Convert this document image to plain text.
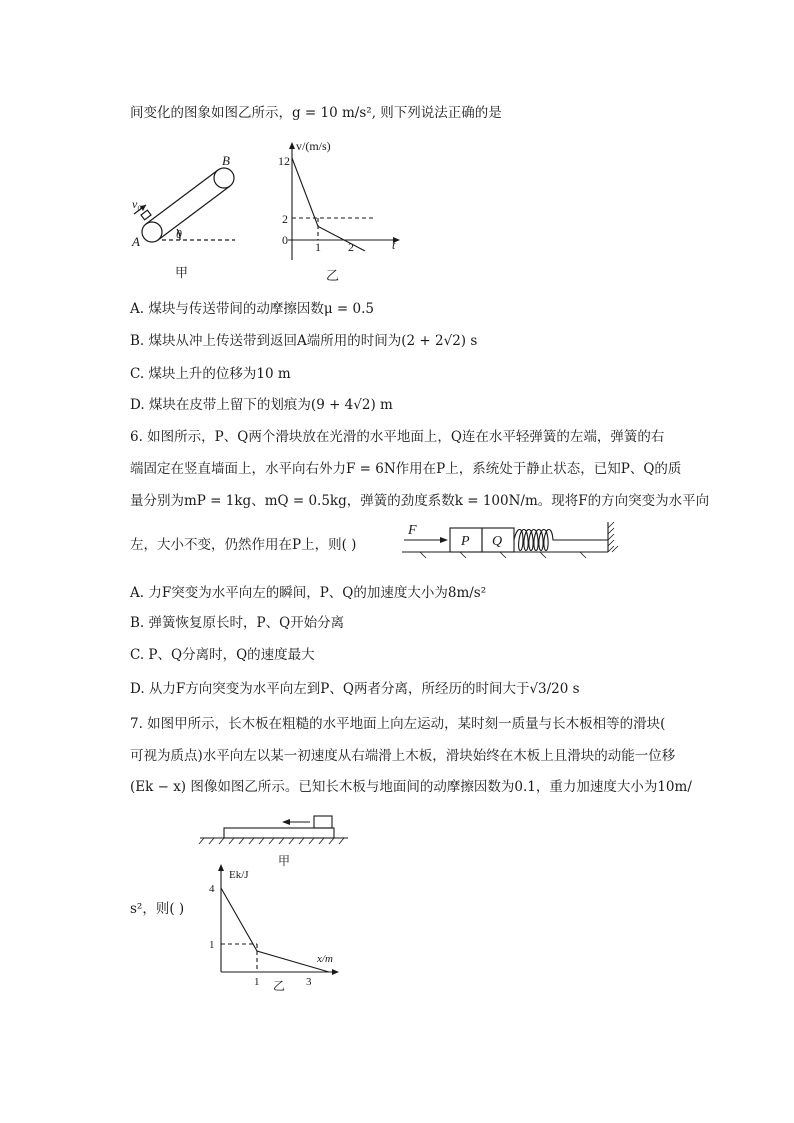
间变化的图象如图乙所示，g = 10 m/s², 则下列说法正确的是
B
A
v₀
θ
甲
v/(m/s)
t
12
2
0 1 2
乙
A. 煤块与传送带间的动摩擦因数μ = 0.5
B. 煤块从冲上传送带到返回A端所用的时间为(2 + 2√2) s
C. 煤块上升的位移为10 m
D. 煤块在皮带上留下的划痕为(9 + 4√2) m
6. 如图所示，P、Q两个滑块放在光滑的水平地面上，Q连在水平轻弹簧的左端，弹簧的右
端固定在竖直墙面上，水平向右外力F = 6N作用在P上，系统处于静止状态，已知P、Q的质
量分别为mP = 1kg、mQ = 0.5kg，弹簧的劲度系数k = 100N/m。现将F的方向突变为水平向
左，大小不变，仍然作用在P上，则( )
F
P Q
A. 力F突变为水平向左的瞬间，P、Q的加速度大小为8m/s²
B. 弹簧恢复原长时，P、Q开始分离
C. P、Q分离时，Q的速度最大
D. 从力F方向突变为水平向左到P、Q两者分离，所经历的时间大于√3/20 s
7. 如图甲所示，长木板在粗糙的水平地面上向左运动，某时刻一质量与长木板相等的滑块(
可视为质点)水平向左以某一初速度从右端滑上木板，滑块始终在木板上且滑块的动能一位移
(Ek − x) 图像如图乙所示。已知长木板与地面间的动摩擦因数为0.1，重力加速度大小为10m/
s²，则( )
甲
Ek/J
x/m
4
1
1	3
乙
